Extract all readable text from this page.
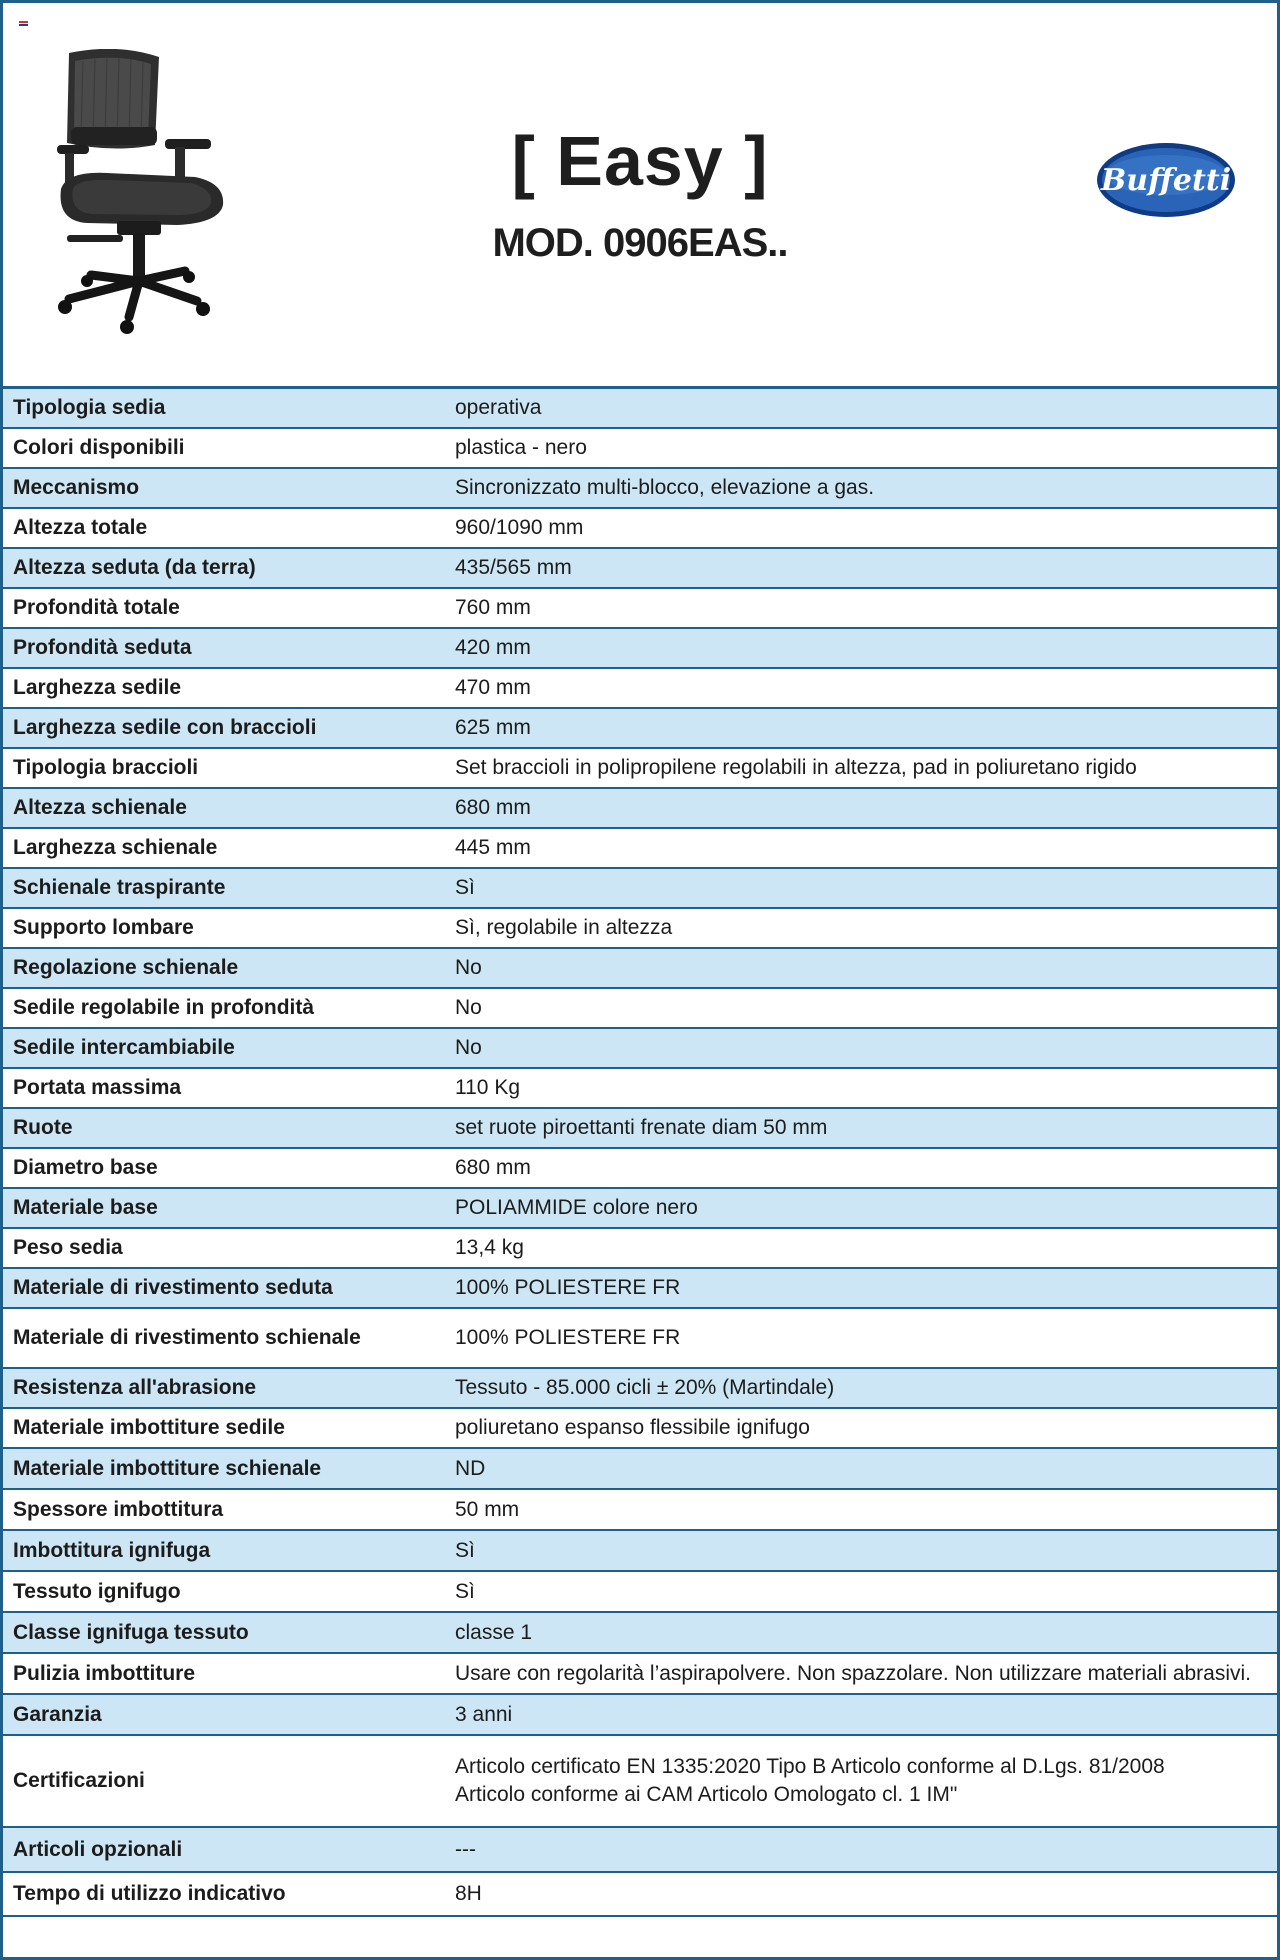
[ Easy ]
MOD. 0906EAS..
Buffetti
Tipologia sedia	operativa
Colori disponibili	plastica - nero
Meccanismo	Sincronizzato multi-blocco, elevazione a gas.
Altezza totale	960/1090 mm
Altezza seduta (da terra)	435/565 mm
Profondità totale	760 mm
Profondità seduta	420 mm
Larghezza sedile	470 mm
Larghezza sedile con braccioli	625 mm
Tipologia braccioli	Set braccioli in polipropilene regolabili in altezza, pad in poliuretano rigido
Altezza schienale	680 mm
Larghezza schienale	445 mm
Schienale traspirante	Sì
Supporto lombare	Sì, regolabile in altezza
Regolazione schienale	No
Sedile regolabile in profondità	No
Sedile intercambiabile	No
Portata massima	110 Kg
Ruote	set ruote piroettanti frenate diam 50 mm
Diametro base	680 mm
Materiale base	POLIAMMIDE colore nero
Peso sedia	13,4 kg
Materiale di rivestimento seduta	100% POLIESTERE FR
Materiale di rivestimento schienale	100% POLIESTERE FR
Resistenza all'abrasione	Tessuto - 85.000 cicli ± 20% (Martindale)
Materiale imbottiture sedile	poliuretano espanso flessibile ignifugo
Materiale imbottiture schienale	ND
Spessore imbottitura	50 mm
Imbottitura ignifuga	Sì
Tessuto ignifugo	Sì
Classe ignifuga tessuto	classe 1
Pulizia imbottiture	Usare con regolarità l’aspirapolvere. Non spazzolare. Non utilizzare materiali abrasivi.
Garanzia	3 anni
Certificazioni	Articolo certificato EN 1335:2020 Tipo B Articolo conforme al D.Lgs. 81/2008
Articolo conforme ai CAM Articolo Omologato cl. 1 IM"
Articoli opzionali	---
Tempo di utilizzo indicativo	8H
